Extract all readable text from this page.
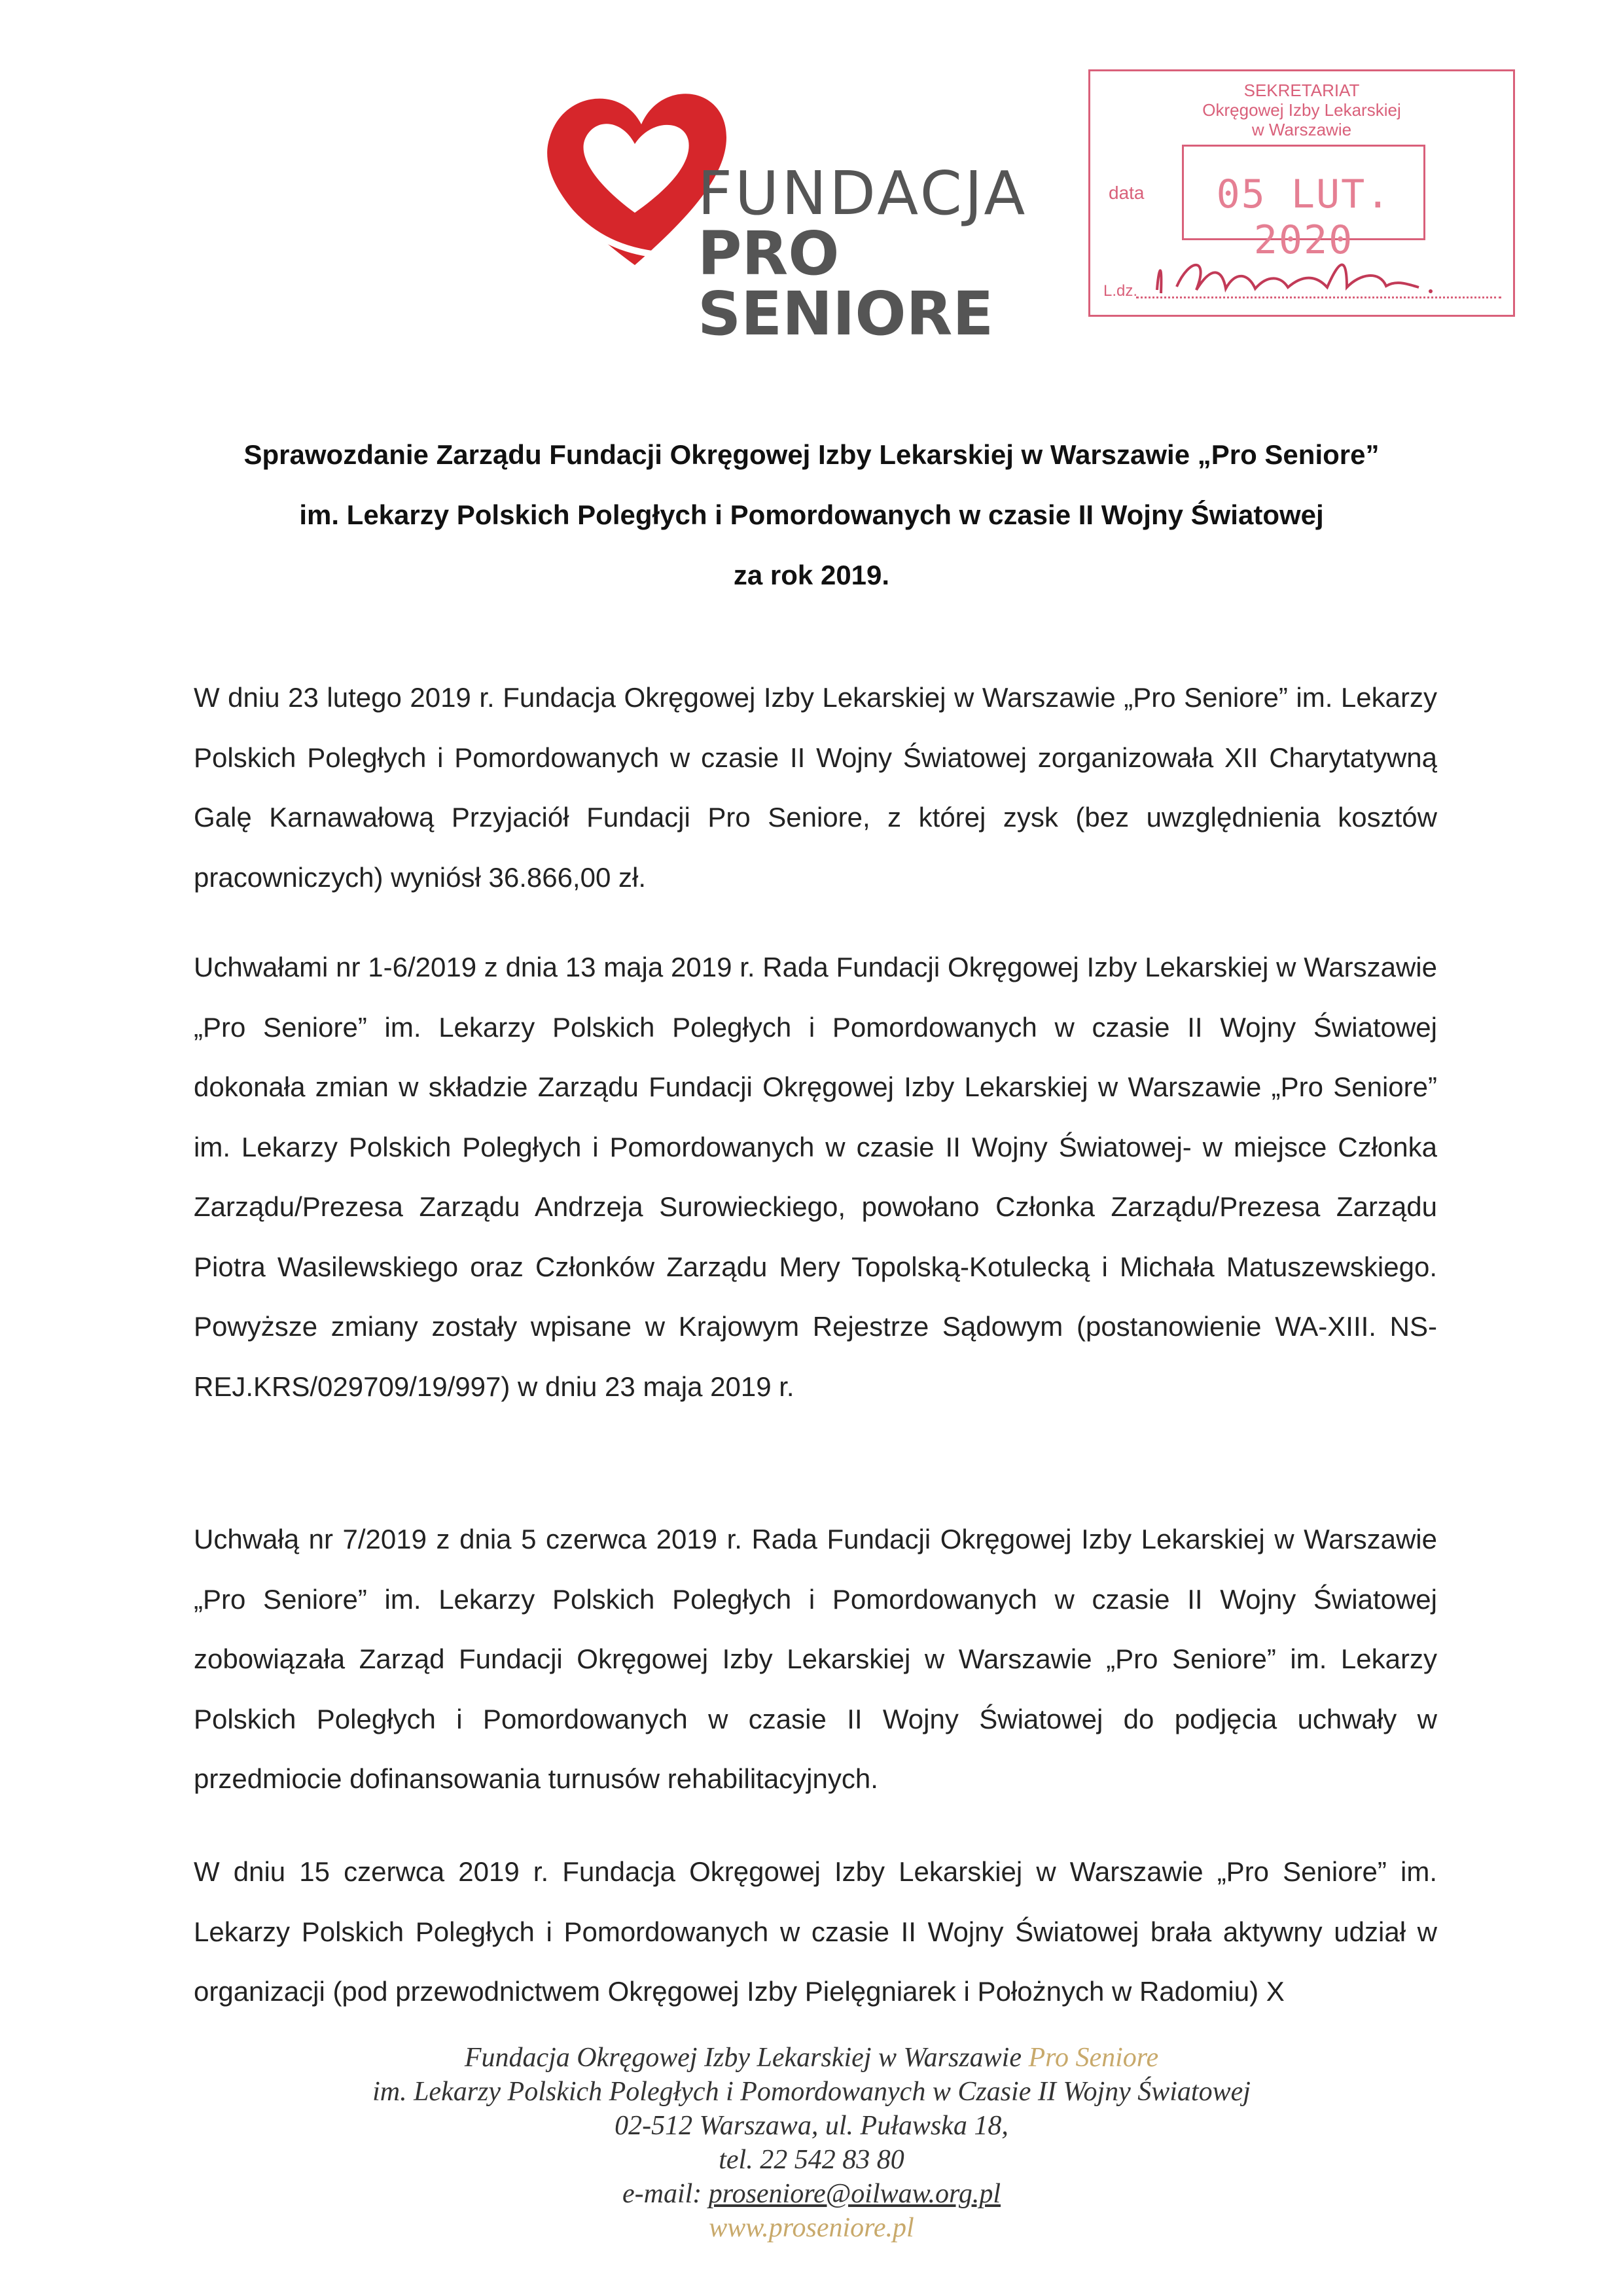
FUNDACJA
PRO SENIORE
SEKRETARIAT
Okręgowej Izby Lekarskiej
w Warszawie
data	05 LUT. 2020
L.dz.
Sprawozdanie Zarządu Fundacji Okręgowej Izby Lekarskiej w Warszawie „Pro Seniore”
im. Lekarzy Polskich Poległych i Pomordowanych w czasie II Wojny Światowej
za rok 2019.

W dniu 23 lutego 2019 r. Fundacja Okręgowej Izby Lekarskiej w Warszawie „Pro Seniore” im. Lekarzy Polskich Poległych i Pomordowanych w czasie II Wojny Światowej zorganizowała XII Charytatywną Galę Karnawałową Przyjaciół Fundacji Pro Seniore, z której zysk (bez uwzględnienia kosztów pracowniczych) wyniósł 36.866,00 zł.

Uchwałami nr 1-6/2019 z dnia 13 maja 2019 r. Rada Fundacji Okręgowej Izby Lekarskiej w Warszawie „Pro Seniore” im. Lekarzy Polskich Poległych i Pomordowanych w czasie II Wojny Światowej dokonała zmian w składzie Zarządu Fundacji Okręgowej Izby Lekarskiej w Warszawie „Pro Seniore” im. Lekarzy Polskich Poległych i Pomordowanych w czasie II Wojny Światowej- w miejsce Członka Zarządu/Prezesa Zarządu Andrzeja Surowieckiego, powołano Członka Zarządu/Prezesa Zarządu Piotra Wasilewskiego oraz Członków Zarządu Mery Topolską-Kotulecką i Michała Matuszewskiego. Powyższe zmiany zostały wpisane w Krajowym Rejestrze Sądowym (postanowienie WA-XIII. NS-REJ.KRS/029709/19/997) w dniu 23 maja 2019 r.

Uchwałą nr 7/2019 z dnia 5 czerwca 2019 r. Rada Fundacji Okręgowej Izby Lekarskiej w Warszawie „Pro Seniore” im. Lekarzy Polskich Poległych i Pomordowanych w czasie II Wojny Światowej zobowiązała Zarząd Fundacji Okręgowej Izby Lekarskiej w Warszawie „Pro Seniore” im. Lekarzy Polskich Poległych i Pomordowanych w czasie II Wojny Światowej do podjęcia uchwały w przedmiocie dofinansowania turnusów rehabilitacyjnych.

W dniu 15 czerwca 2019 r. Fundacja Okręgowej Izby Lekarskiej w Warszawie „Pro Seniore” im. Lekarzy Polskich Poległych i Pomordowanych w czasie II Wojny Światowej brała aktywny udział w organizacji (pod przewodnictwem Okręgowej Izby Pielęgniarek i Położnych w Radomiu) X

Fundacja Okręgowej Izby Lekarskiej w Warszawie Pro Seniore
im. Lekarzy Polskich Poległych i Pomordowanych w Czasie II Wojny Światowej
02-512 Warszawa, ul. Puławska 18,
tel. 22 542 83 80
e-mail: proseniore@oilwaw.org.pl
www.proseniore.pl
